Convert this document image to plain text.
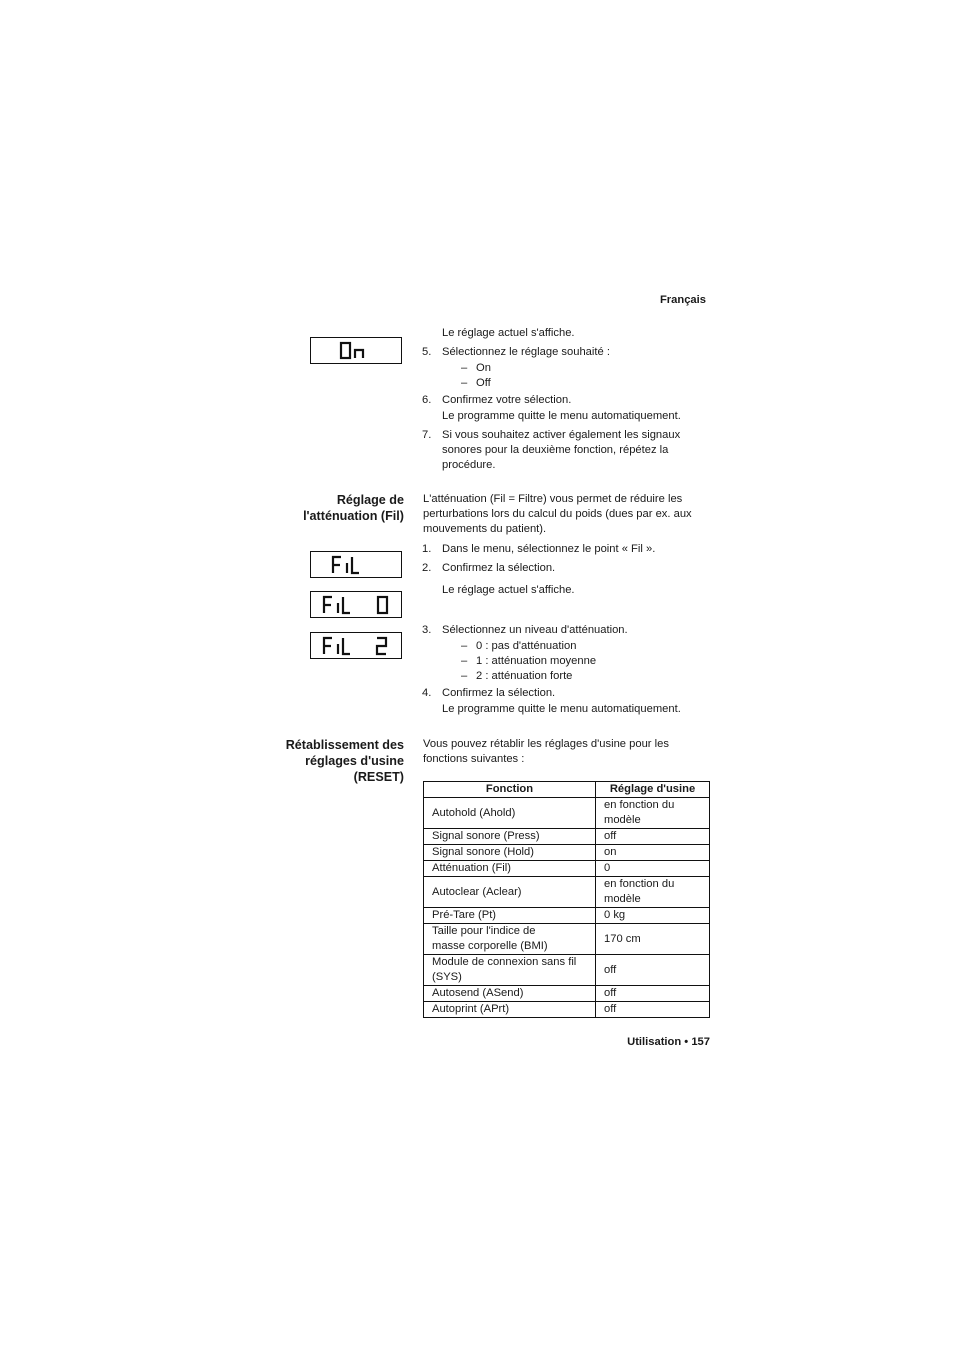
Français
Le réglage actuel s'affiche.
5. Sélectionnez le réglage souhaité :
– On
– Off
6. Confirmez votre sélection.
Le programme quitte le menu automatiquement.
7. Si vous souhaitez activer également les signaux
sonores pour la deuxième fonction, répétez la
procédure.
Réglage de
l'atténuation (Fil)
L'atténuation (Fil = Filtre) vous permet de réduire les
perturbations lors du calcul du poids (dues par ex. aux
mouvements du patient).
1. Dans le menu, sélectionnez le point « Fil ».
2. Confirmez la sélection.
Le réglage actuel s'affiche.
3. Sélectionnez un niveau d'atténuation.
– 0 : pas d'atténuation
– 1 : atténuation moyenne
– 2 : atténuation forte
4. Confirmez la sélection.
Le programme quitte le menu automatiquement.
Rétablissement des
réglages d'usine
(RESET)
Vous pouvez rétablir les réglages d'usine pour les
fonctions suivantes :
Fonction	Réglage d'usine

Autohold (Ahold)	en fonction du
modèle

Signal sonore (Press)	off

Signal sonore (Hold)	on

Atténuation (Fil)	0

Autoclear (Aclear)	en fonction du
modèle

Pré-Tare (Pt)	0 kg

Taille pour l'indice de
masse corporelle (BMI)	170 cm

Module de connexion sans fil
(SYS)	off

Autosend (ASend)	off

Autoprint (APrt)	off
Utilisation • 157
